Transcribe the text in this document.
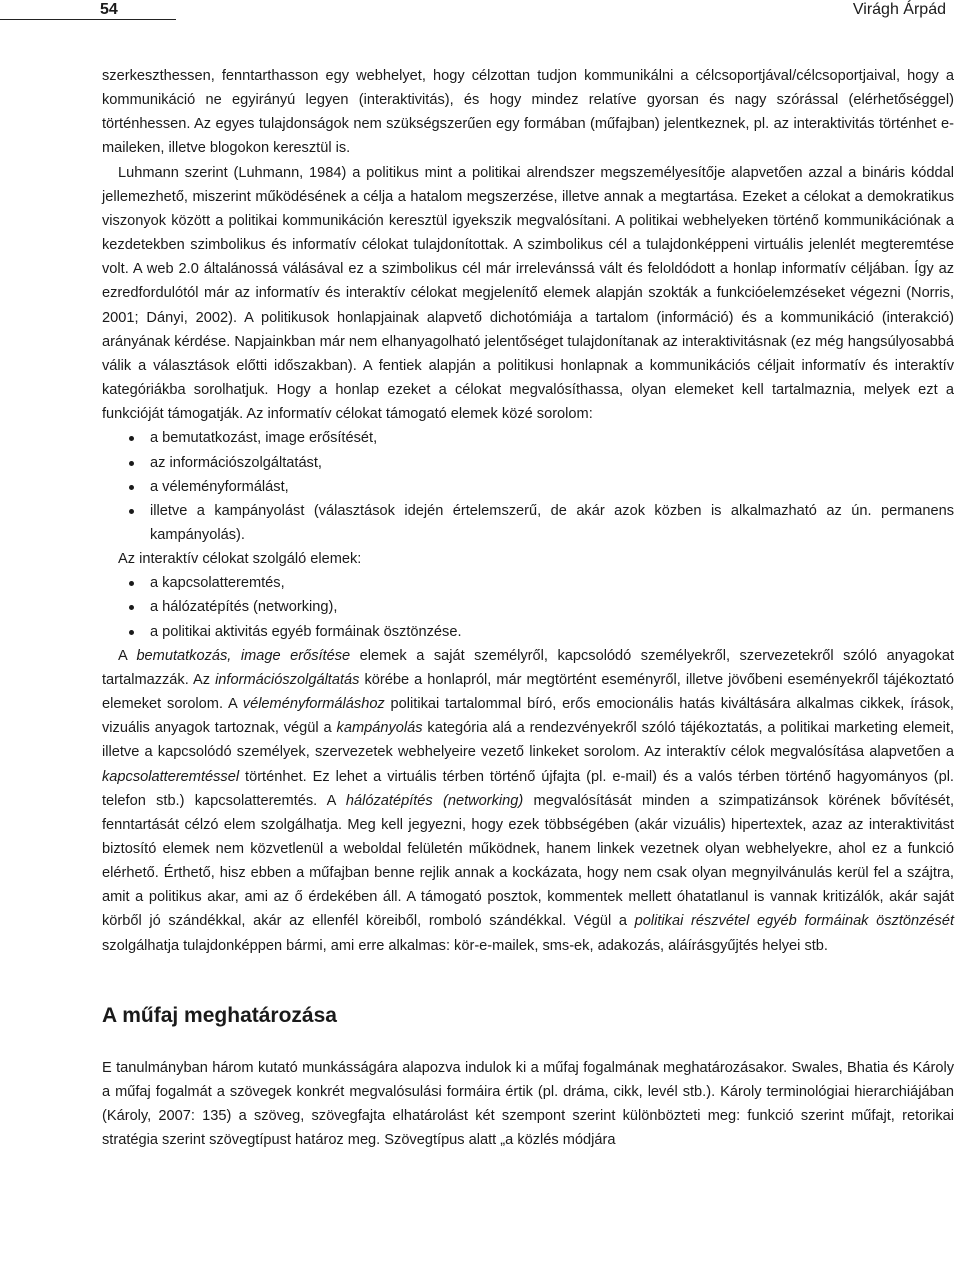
54	Virágh Árpád

szerkeszthessen, fenntarthasson egy webhelyet, hogy célzottan tudjon kommunikálni a célcsoportjával/célcsoportjaival, hogy a kommunikáció ne egyirányú legyen (interaktivitás), és hogy mindez relatíve gyorsan és nagy szórással (elérhetőséggel) történhessen. Az egyes tulajdonságok nem szükségszerűen egy formában (műfajban) jelentkeznek, pl. az interaktivitás történhet e-maileken, illetve blogokon keresztül is.

Luhmann szerint (Luhmann, 1984) a politikus mint a politikai alrendszer megszemélyesítője alapvetően azzal a bináris kóddal jellemezhető, miszerint működésének a célja a hatalom megszerzése, illetve annak a megtartása. Ezeket a célokat a demokratikus viszonyok között a politikai kommunikáción keresztül igyekszik megvalósítani. A politikai webhelyeken történő kommunikációnak a kezdetekben szimbolikus és informatív célokat tulajdonítottak. A szimbolikus cél a tulajdonképpeni virtuális jelenlét megteremtése volt. A web 2.0 általánossá válásával ez a szimbolikus cél már irrelevánssá vált és feloldódott a honlap informatív céljában. Így az ezredfordulótól már az informatív és interaktív célokat megjelenítő elemek alapján szokták a funkcióelemzéseket végezni (Norris, 2001; Dányi, 2002). A politikusok honlapjainak alapvető dichotómiája a tartalom (információ) és a kommunikáció (interakció) arányának kérdése. Napjainkban már nem elhanyagolható jelentőséget tulajdonítanak az interaktivitásnak (ez még hangsúlyosabbá válik a választások előtti időszakban). A fentiek alapján a politikusi honlapnak a kommunikációs céljait informatív és interaktív kategóriákba sorolhatjuk. Hogy a honlap ezeket a célokat megvalósíthassa, olyan elemeket kell tartalmaznia, melyek ezt a funkcióját támogatják. Az informatív célokat támogató elemek közé sorolom:

a bemutatkozást, image erősítését,
az információszolgáltatást,
a véleményformálást,
illetve a kampányolást (választások idején értelemszerű, de akár azok közben is alkalmazható az ún. permanens kampányolás).

Az interaktív célokat szolgáló elemek:

a kapcsolatteremtés,
a hálózatépítés (networking),
a politikai aktivitás egyéb formáinak ösztönzése.

A bemutatkozás, image erősítése elemek a saját személyről, kapcsolódó személyekről, szervezetekről szóló anyagokat tartalmazzák. Az információszolgáltatás körébe a honlapról, már megtörtént eseményről, illetve jövőbeni eseményekről tájékoztató elemeket sorolom. A véleményformáláshoz politikai tartalommal bíró, erős emocionális hatás kiváltására alkalmas cikkek, írások, vizuális anyagok tartoznak, végül a kampányolás kategória alá a rendezvényekről szóló tájékoztatás, a politikai marketing elemeit, illetve a kapcsolódó személyek, szervezetek webhelyeire vezető linkeket sorolom. Az interaktív célok megvalósítása alapvetően a kapcsolatteremtéssel történhet. Ez lehet a virtuális térben történő újfajta (pl. e-mail) és a valós térben történő hagyományos (pl. telefon stb.) kapcsolatteremtés. A hálózatépítés (networking) megvalósítását minden a szimpatizánsok körének bővítését, fenntartását célzó elem szolgálhatja. Meg kell jegyezni, hogy ezek többségében (akár vizuális) hipertextek, azaz az interaktivitást biztosító elemek nem közvetlenül a weboldal felületén működnek, hanem linkek vezetnek olyan webhelyekre, ahol ez a funkció elérhető. Érthető, hisz ebben a műfajban benne rejlik annak a kockázata, hogy nem csak olyan megnyilvánulás kerül fel a szájtra, amit a politikus akar, ami az ő érdekében áll. A támogató posztok, kommentek mellett óhatatlanul is vannak kritizálók, akár saját körből jó szándékkal, akár az ellenfél köreiből, romboló szándékkal. Végül a politikai részvétel egyéb formáinak ösztönzését szolgálhatja tulajdonképpen bármi, ami erre alkalmas: kör-e-mailek, sms-ek, adakozás, aláírásgyűjtés helyei stb.

A műfaj meghatározása

E tanulmányban három kutató munkásságára alapozva indulok ki a műfaj fogalmának meghatározásakor. Swales, Bhatia és Károly a műfaj fogalmát a szövegek konkrét megvalósulási formáira értik (pl. dráma, cikk, levél stb.). Károly terminológiai hierarchiájában (Károly, 2007: 135) a szöveg, szövegfajta elhatárolást két szempont szerint különbözteti meg: funkció szerint műfajt, retorikai stratégia szerint szövegtípust határoz meg. Szövegtípus alatt „a közlés módjára
